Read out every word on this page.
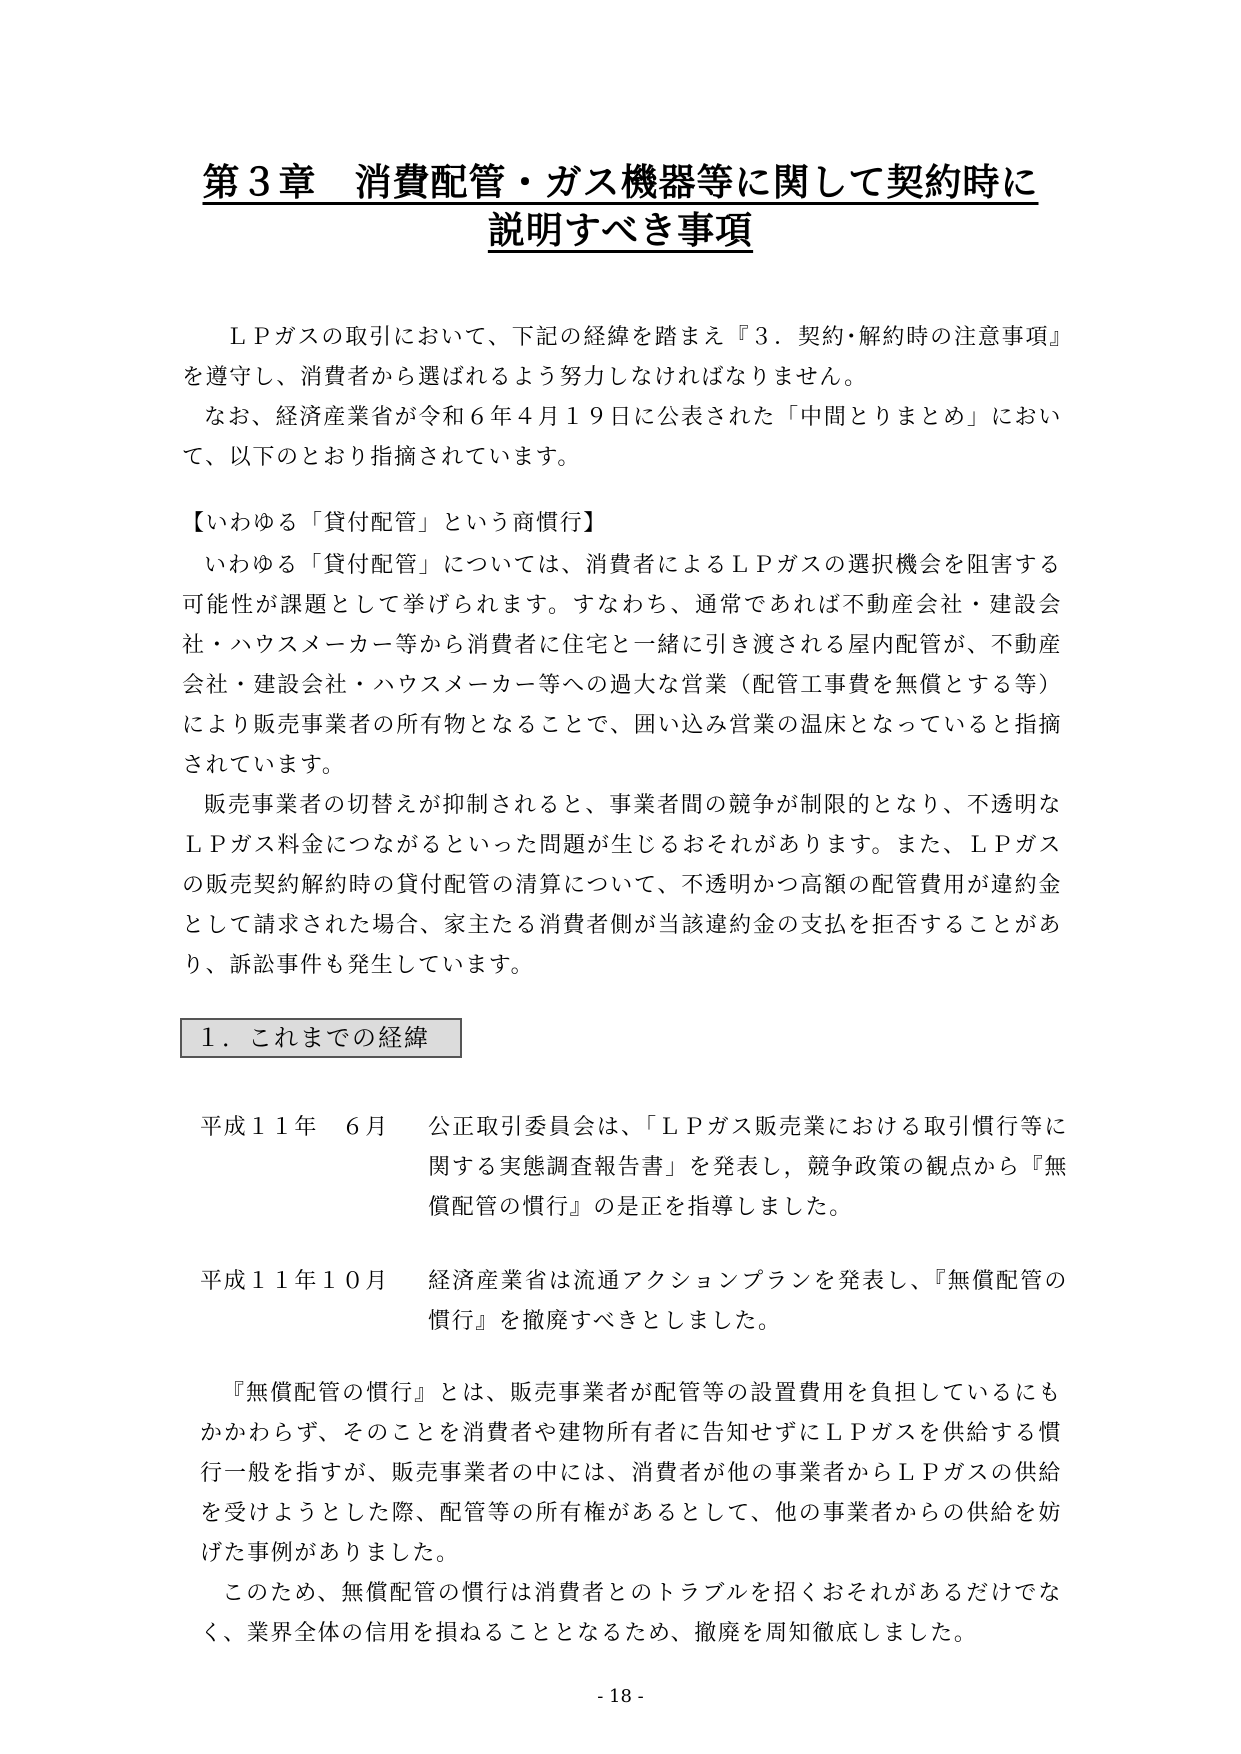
第３章　消費配管・ガス機器等に関して契約時に
説明すべき事項

ＬＰガスの取引において、下記の経緯を踏まえ『３．契約･解約時の注意事項』を遵守し、消費者から選ばれるよう努力しなければなりません。

なお、経済産業省が令和６年４月１９日に公表された「中間とりまとめ」において、以下のとおり指摘されています。

【いわゆる「貸付配管」という商慣行】

いわゆる「貸付配管」については、消費者によるＬＰガスの選択機会を阻害する可能性が課題として挙げられます。すなわち、通常であれば不動産会社・建設会社・ハウスメーカー等から消費者に住宅と一緒に引き渡される屋内配管が、不動産会社・建設会社・ハウスメーカー等への過大な営業（配管工事費を無償とする等）により販売事業者の所有物となることで、囲い込み営業の温床となっていると指摘されています。

販売事業者の切替えが抑制されると、事業者間の競争が制限的となり、不透明なＬＰガス料金につながるといった問題が生じるおそれがあります。また、ＬＰガスの販売契約解約時の貸付配管の清算について、不透明かつ高額の配管費用が違約金として請求された場合、家主たる消費者側が当該違約金の支払を拒否することがあり、訴訟事件も発生しています。

１．これまでの経緯
平成１１年　６月 公正取引委員会は、「ＬＰガス販売業における取引慣行等に関する実態調査報告書」を発表し，競争政策の観点から『無償配管の慣行』の是正を指導しました。

平成１１年１０月 経済産業省は流通アクションプランを発表し、『無償配管の慣行』を撤廃すべきとしました。

『無償配管の慣行』とは、販売事業者が配管等の設置費用を負担しているにもかかわらず、そのことを消費者や建物所有者に告知せずにＬＰガスを供給する慣行一般を指すが、販売事業者の中には、消費者が他の事業者からＬＰガスの供給を受けようとした際、配管等の所有権があるとして、他の事業者からの供給を妨げた事例がありました。

このため、無償配管の慣行は消費者とのトラブルを招くおそれがあるだけでなく、業界全体の信用を損ねることとなるため、撤廃を周知徹底しました。

- 18 -
